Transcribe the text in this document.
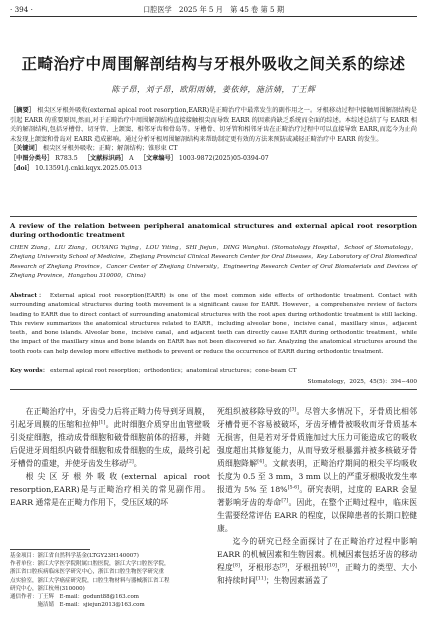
· 394 ·	口腔医学　2025 年 5 月　第 45 卷 第 5 期
正畸治疗中周围解剖结构与牙根外吸收之间关系的综述
陈子昂，刘子昂，欧阳雨婧，姜依婷，施洁婧，丁王辉
［摘要］ 根尖区牙根外吸收(external apical root resorption,EARR)是正畸治疗中最常发生的副作用之一。牙根移动过程中接触周围解剖结构是引起 EARR 的重要原因,然而,对于正畸治疗中周围解剖结构直接接触根尖而导致 EARR 的因素尚缺乏系统而全面的综述。本综述总结了与 EARR 相关的解剖结构,包括牙槽骨、切牙管、上颌窦、相邻牙齿和骨岛等。牙槽骨、切牙管和相邻牙齿在正畸治疗过程中可以直接导致 EARR,而迄今为止尚未发现上颌窦和骨岛对 EARR 造成影响。通过分析牙根周围解剖结构来帮助制定更有效的方法来预防或减轻正畸治疗中 EARR 的发生。
［关键词］ 根尖区牙根外吸收；正畸；解剖结构；锥形束 CT
［中图分类号］ R783.5  ［文献标识码］ A  ［文章编号］ 1003-9872(2025)05-0394-07
［doi］ 10.13591/j.cnki.kqyx.2025.05.013
A review of the relation between peripheral anatomical structures and external apical root resorption during orthodontic treatment
CHEN Ziang，LIU Ziang，OUYANG Yujing，LOU Yiting，SHI Jiejun，DING Wanghui. (Stomatology Hospital，School of Stomatology，Zhejiang University School of Medicine，Zhejiang Provincial Clinical Research Center for Oral Diseases，Key Laboratory of Oral Biomedical Research of Zhejiang Province，Cancer Center of Zhejiang University，Engineering Research Center of Oral Biomaterials and Devices of Zhejiang Province，Hangzhou 310000，China)
Abstract： External apical root resorption(EARR) is one of the most common side effects of orthodontic treatment. Contact with surrounding anatomical structures during tooth movement is a significant cause for EARR. However，a comprehensive review of factors leading to EARR due to direct contact of surrounding anatomical structures with the root apex during orthodontic treatment is still lacking. This review summarizes the anatomical structures related to EARR，including alveolar bone，incisive canal，maxillary sinus，adjacent teeth，and bone islands. Alveolar bone，incisive canal，and adjacent teeth can directly cause EARR during orthodontic treatment，while the impact of the maxillary sinus and bone islands on EARR has not been discovered so far. Analyzing the anatomical structures around the tooth roots can help develop more effective methods to prevent or reduce the occurrence of EARR during orthodontic treatment.
Key words： external apical root resorption；orthodontics；anatomical structures；cone-beam CT
Stomatology，2025，45(5)：394−400

在正畸治疗中，牙齿受力后将正畸力传导到牙周膜，引起牙周膜的压缩和拉伸[1]。此时细胞介质穿出血管壁吸引炎症细胞，推动成骨细胞和破骨细胞前体的招募，并随后促进牙周组织内破骨细胞和成骨细胞的生成，最终引起牙槽骨的重建，并使牙齿发生移动[2]。

根尖区牙根外吸收(external apical root resorption,EARR)是与正畸治疗相关的常见副作用。EARR 通常是在正畸力作用下，受压区域的坏

死组织被移除导致的[3]。尽管大多情况下，牙骨质比相邻牙槽骨更不容易被破坏，牙齿牙槽骨被吸收而牙骨质基本无损害，但是若对牙骨质施加过大压力可能造成它的吸收强度超出其修复能力，从而导致牙根暴露并被多核破牙骨质细胞降解[4]。文献表明，正畸治疗期间的根尖平均吸收长度为 0.5 至 3 mm，3 mm 以上的严重牙根吸收发生率报道为 5% 至 18%[5-6]。研究表明，过度的 EARR 会显著影响牙齿的寿命[7]。因此，在整个正畸过程中，临床医生需要经常评估 EARR 的程度，以保障患者的长期口腔健康。

迄今的研究已经全面探讨了在正畸治疗过程中影响 EARR 的机械因素和生物因素。机械因素包括牙齿的移动程度[8]，牙根形态[9]，牙根扭转[10]，正畸力的类型、大小和持续时间[11]；生物因素涵盖了

基金项目：浙江省自然科学基金(LTGY23H140007)
作者单位：浙江大学医学院附属口腔医院，浙江大学口腔医学院，
浙江省口腔疾病临床医学研究中心，浙江省口腔生物医学研究重
点实验室，浙江大学癌症研究院，口腔生物材料与器械浙江省工程
研究中心，浙江杭州(310000)
通信作者：丁王辉　E-mail：godunt88@163.com
　　　　　施洁婧　E-mail：sjiejun2013@163.com
